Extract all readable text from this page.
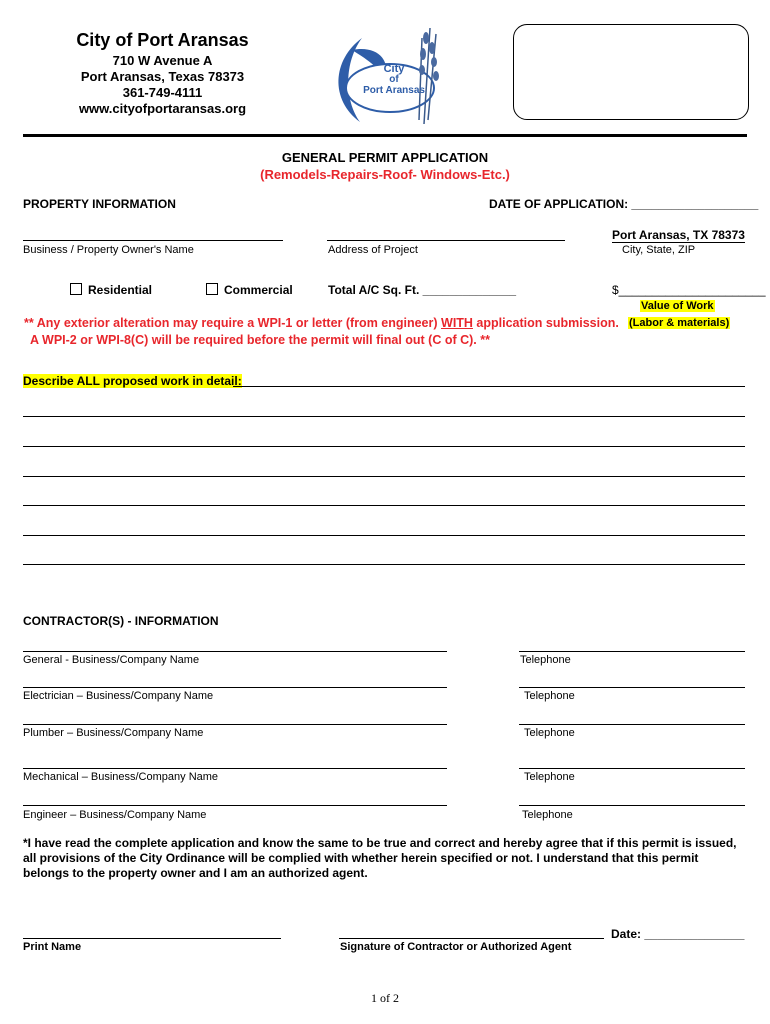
City of Port Aransas
710 W Avenue A
Port Aransas, Texas 78373
361-749-4111
www.cityofportaransas.org
City
of
Port Aransas
GENERAL PERMIT APPLICATION
(Remodels-Repairs-Roof- Windows-Etc.)
PROPERTY INFORMATION	DATE OF APPLICATION: ___________________
Business / Property Owner's Name	Address of Project
Port Aransas, TX 78373
City, State, ZIP
Residential	Commercial	Total A/C Sq. Ft. ______________	$______________________
Value of Work
(Labor & materials)
** Any exterior alteration may require a WPI-1 or letter (from engineer) WITH application submission.
A WPI-2 or WPI-8(C) will be required before the permit will final out (C of C). **
Describe ALL proposed work in detail:
CONTRACTOR(S) - INFORMATION
General - Business/Company Name	Telephone
Electrician – Business/Company Name	Telephone
Plumber – Business/Company Name	Telephone
Mechanical – Business/Company Name	Telephone
Engineer – Business/Company Name	Telephone
*I have read the complete application and know the same to be true and correct and hereby agree that if this permit is issued, all provisions of the City Ordinance will be complied with whether herein specified or not. I understand that this permit belongs to the property owner and I am an authorized agent.
Print Name	Signature of Contractor or Authorized Agent
Date: _______________
1 of 2
